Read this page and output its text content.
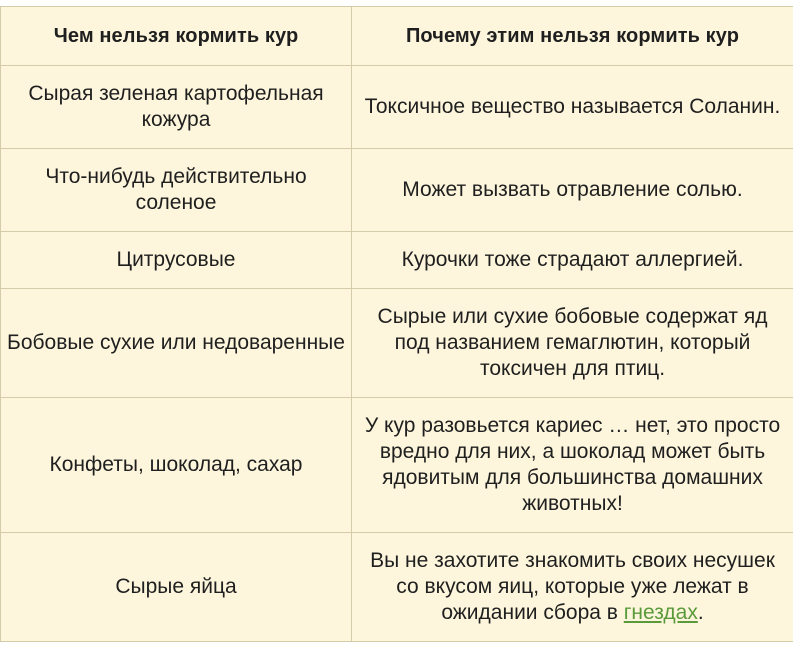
Чем нельзя кормить кур	Почему этим нельзя кормить кур
Сырая зеленая картофельная кожура	Токсичное вещество называется Соланин.
Что-нибудь действительно соленое	Может вызвать отравление солью.
Цитрусовые	Курочки тоже страдают аллергией.
Бобовые сухие или недоваренные	Сырые или сухие бобовые содержат яд под названием гемаглютин, который токсичен для птиц.
Конфеты, шоколад, сахар	У кур разовьется кариес … нет, это просто вредно для них, а шоколад может быть ядовитым для большинства домашних животных!
Сырые яйца	Вы не захотите знакомить своих несушек со вкусом яиц, которые уже лежат в ожидании сбора в гнездах.
